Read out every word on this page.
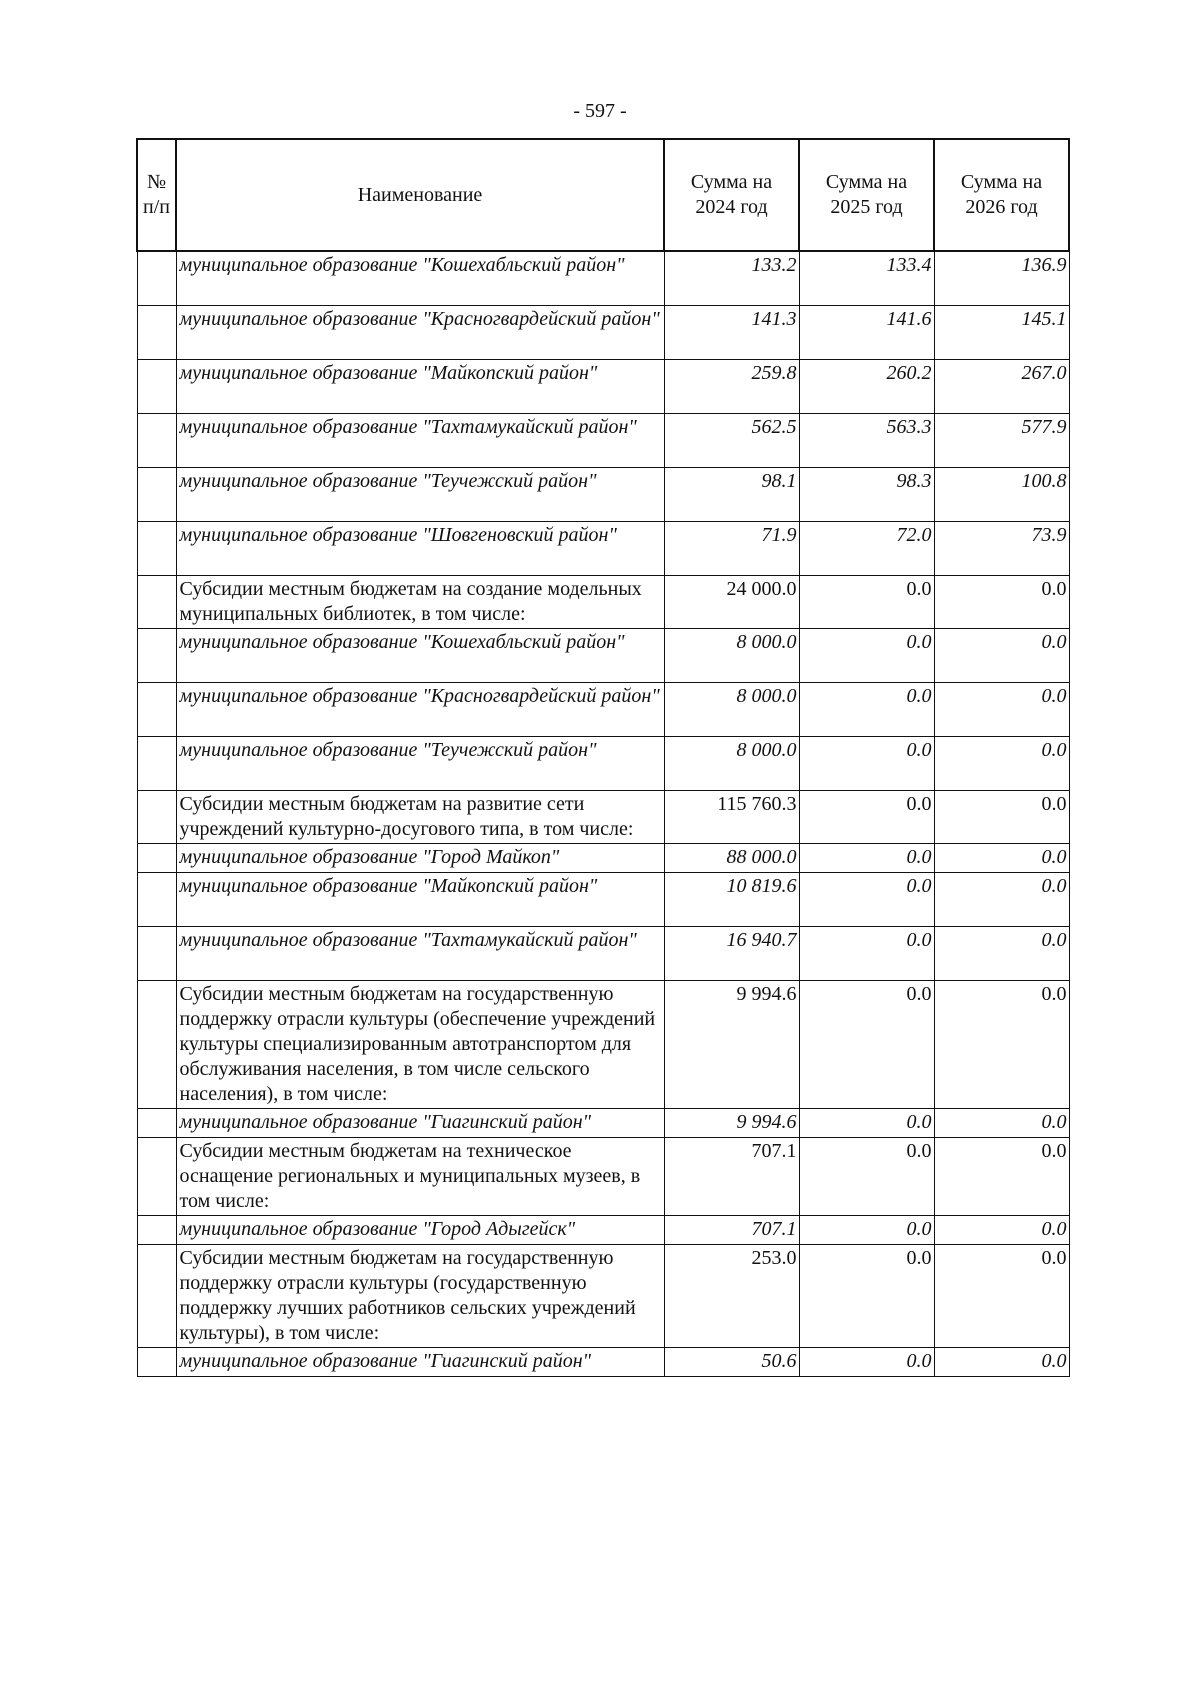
- 597 -
№
п/п	Наименование	Сумма на 2024 год	Сумма на 2025 год	Сумма на 2026 год
	муниципальное образование "Кошехабльский район"	133.2	133.4	136.9
	муниципальное образование "Красногвардейский район"	141.3	141.6	145.1
	муниципальное образование "Майкопский район"	259.8	260.2	267.0
	муниципальное образование "Тахтамукайский район"	562.5	563.3	577.9
	муниципальное образование "Теучежский район"	98.1	98.3	100.8
	муниципальное образование "Шовгеновский район"	71.9	72.0	73.9
	Субсидии местным бюджетам на создание модельных муниципальных библиотек, в том числе:	24 000.0	0.0	0.0
	муниципальное образование "Кошехабльский район"	8 000.0	0.0	0.0
	муниципальное образование "Красногвардейский район"	8 000.0	0.0	0.0
	муниципальное образование "Теучежский район"	8 000.0	0.0	0.0
	Субсидии местным бюджетам на развитие сети учреждений культурно-досугового типа, в том числе:	115 760.3	0.0	0.0
	муниципальное образование "Город Майкоп"	88 000.0	0.0	0.0
	муниципальное образование "Майкопский район"	10 819.6	0.0	0.0
	муниципальное образование "Тахтамукайский район"	16 940.7	0.0	0.0
	Субсидии местным бюджетам на государственную поддержку отрасли культуры (обеспечение учреждений культуры специализированным автотранспортом для обслуживания населения, в том числе сельского населения), в том числе:	9 994.6	0.0	0.0
	муниципальное образование "Гиагинский район"	9 994.6	0.0	0.0
	Субсидии местным бюджетам на техническое оснащение региональных и муниципальных музеев, в том числе:	707.1	0.0	0.0
	муниципальное образование "Город Адыгейск"	707.1	0.0	0.0
	Субсидии местным бюджетам на государственную поддержку отрасли культуры (государственную поддержку лучших работников сельских учреждений культуры), в том числе:	253.0	0.0	0.0
	муниципальное образование "Гиагинский район"	50.6	0.0	0.0
